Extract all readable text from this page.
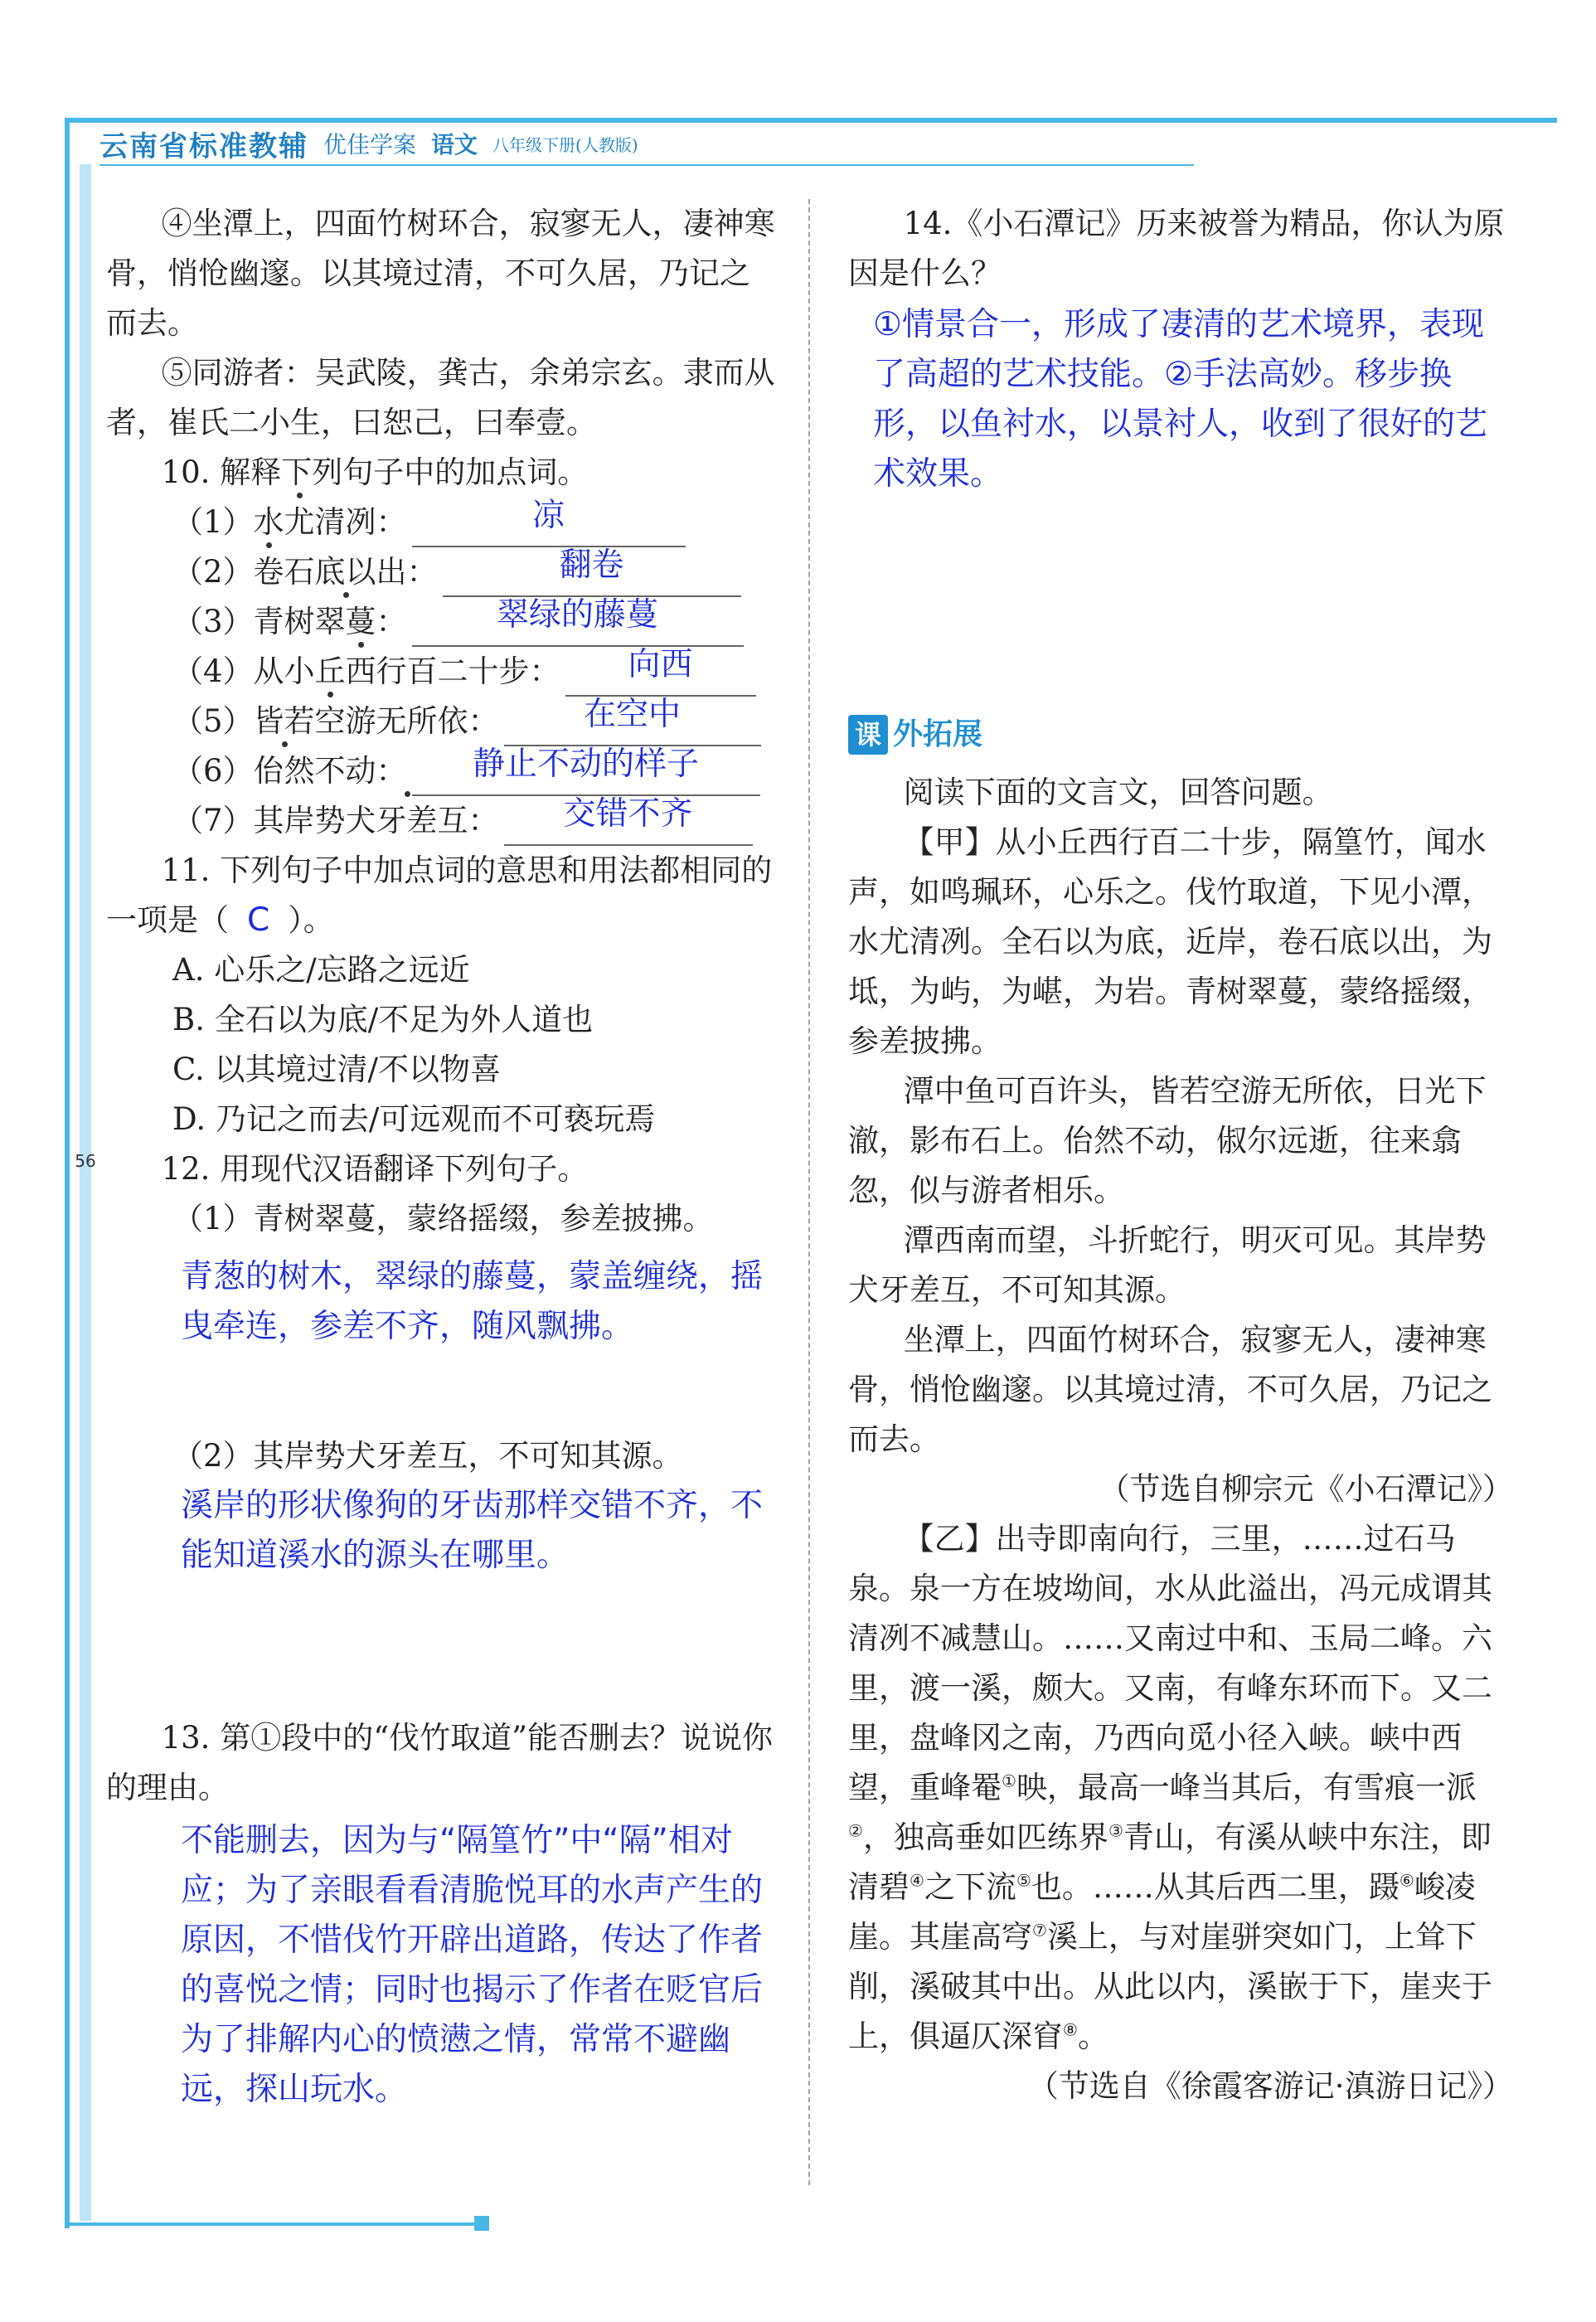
云南省标准教辅 优佳学案 语文 八年级下册(人教版)
56

④坐潭上，四面竹树环合，寂寥无人，凄神寒骨，悄怆幽邃。以其境过清，不可久居，乃记之而去。

⑤同游者：吴武陵，龚古，余弟宗玄。隶而从者，崔氏二小生，曰恕己，曰奉壹。

10. 解释下列句子中的加点词。

（1）水 尤 清冽：	凉
（2） 卷 石底以出：	翻卷
（3）青树 翠蔓 ：	翠绿的藤蔓
（4）从小丘 西 行百二十步：	向西
（5）皆若 空 游无所依：	在空中
（6） 佁然 不动：	静止不动的样子
（7）其岸势 犬牙差互 ：	交错不齐

11. 下列句子中加点词的意思和用法都相同的一项是（ C ）。

A. 心乐之/忘路之远近

B. 全石以为底/不足为外人道也

C. 以其境过清/不以物喜

D. 乃记之而去/可远观而不可亵玩焉

12. 用现代汉语翻译下列句子。

（1）青树翠蔓，蒙络摇缀，参差披拂。

青葱的树木，翠绿的藤蔓，蒙盖缠绕，摇曳牵连，参差不齐，随风飘拂。

（2）其岸势犬牙差互，不可知其源。

溪岸的形状像狗的牙齿那样交错不齐，不能知道溪水的源头在哪里。

13. 第①段中的“伐竹取道”能否删去？说说你的理由。

不能删去，因为与“隔篁竹”中“隔”相对应；为了亲眼看看清脆悦耳的水声产生的原因，不惜伐竹开辟出道路，传达了作者的喜悦之情；同时也揭示了作者在贬官后为了排解内心的愤懑之情，常常不避幽远，探山玩水。

14.《小石潭记》历来被誉为精品，你认为原因是什么？

①情景合一，形成了凄清的艺术境界，表现了高超的艺术技能。②手法高妙。移步换形，以鱼衬水，以景衬人，收到了很好的艺术效果。

课 外拓展

阅读下面的文言文，回答问题。

【甲】从小丘西行百二十步，隔篁竹，闻水声，如鸣珮环，心乐之。伐竹取道，下见小潭，水尤清冽。全石以为底，近岸，卷石底以出，为坻，为屿，为嵁，为岩。青树翠蔓，蒙络摇缀，参差披拂。

潭中鱼可百许头，皆若空游无所依，日光下澈，影布石上。佁然不动，俶尔远逝，往来翕忽，似与游者相乐。

潭西南而望，斗折蛇行，明灭可见。其岸势犬牙差互，不可知其源。

坐潭上，四面竹树环合，寂寥无人，凄神寒骨，悄怆幽邃。以其境过清，不可久居，乃记之而去。

（节选自柳宗元《小石潭记》）

【乙】出寺即南向行，三里，……过石马泉。泉一方在坡坳间，水从此溢出，冯元成谓其清冽不减慧山。……又南过中和、玉局二峰。六里，渡一溪，颇大。又南，有峰东环而下。又二里，盘峰冈之南，乃西向觅小径入峡。峡中西望，重峰罨①映，最高一峰当其后，有雪痕一派②，独高垂如匹练界③青山，有溪从峡中东注，即清碧④之下流⑤也。……从其后西二里，蹑⑥峻凌崖。其崖高穹⑦溪上，与对崖骈突如门，上耸下削，溪破其中出。从此以内，溪嵌于下，崖夹于上，俱逼仄深窅⑧。

（节选自《徐霞客游记·滇游日记》）
